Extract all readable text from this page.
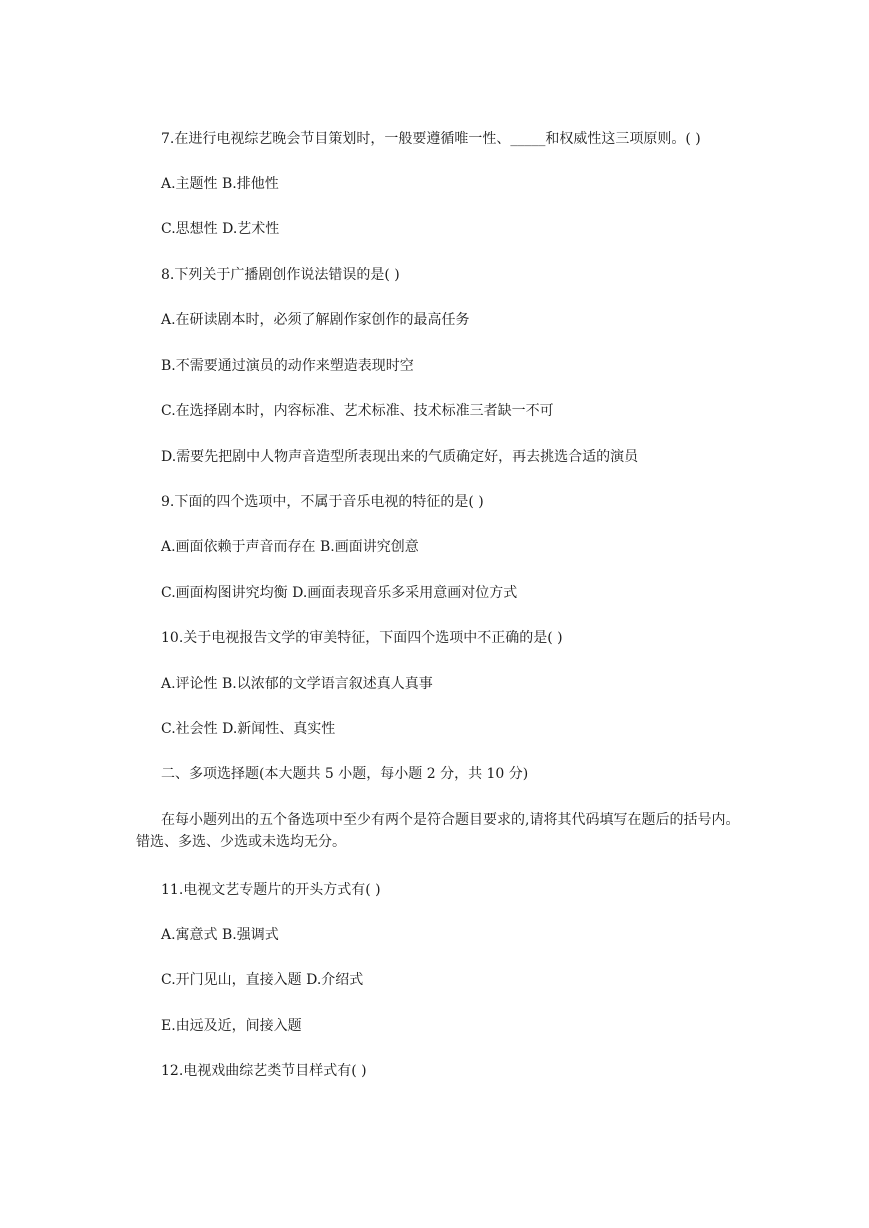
7.在进行电视综艺晚会节目策划时，一般要遵循唯一性、_____和权威性这三项原则。( )
A.主题性 B.排他性
C.思想性 D.艺术性
8.下列关于广播剧创作说法错误的是( )
A.在研读剧本时，必须了解剧作家创作的最高任务
B.不需要通过演员的动作来塑造表现时空
C.在选择剧本时，内容标准、艺术标准、技术标准三者缺一不可
D.需要先把剧中人物声音造型所表现出来的气质确定好，再去挑选合适的演员
9.下面的四个选项中，不属于音乐电视的特征的是( )
A.画面依赖于声音而存在 B.画面讲究创意
C.画面构图讲究均衡 D.画面表现音乐多采用意画对位方式
10.关于电视报告文学的审美特征，下面四个选项中不正确的是( )
A.评论性 B.以浓郁的文学语言叙述真人真事
C.社会性 D.新闻性、真实性
二、多项选择题(本大题共 5 小题，每小题 2 分，共 10 分)
在每小题列出的五个备选项中至少有两个是符合题目要求的,请将其代码填写在题后的括号内。错选、多选、少选或未选均无分。
11.电视文艺专题片的开头方式有( )
A.寓意式 B.强调式
C.开门见山，直接入题 D.介绍式
E.由远及近，间接入题
12.电视戏曲综艺类节目样式有( )
